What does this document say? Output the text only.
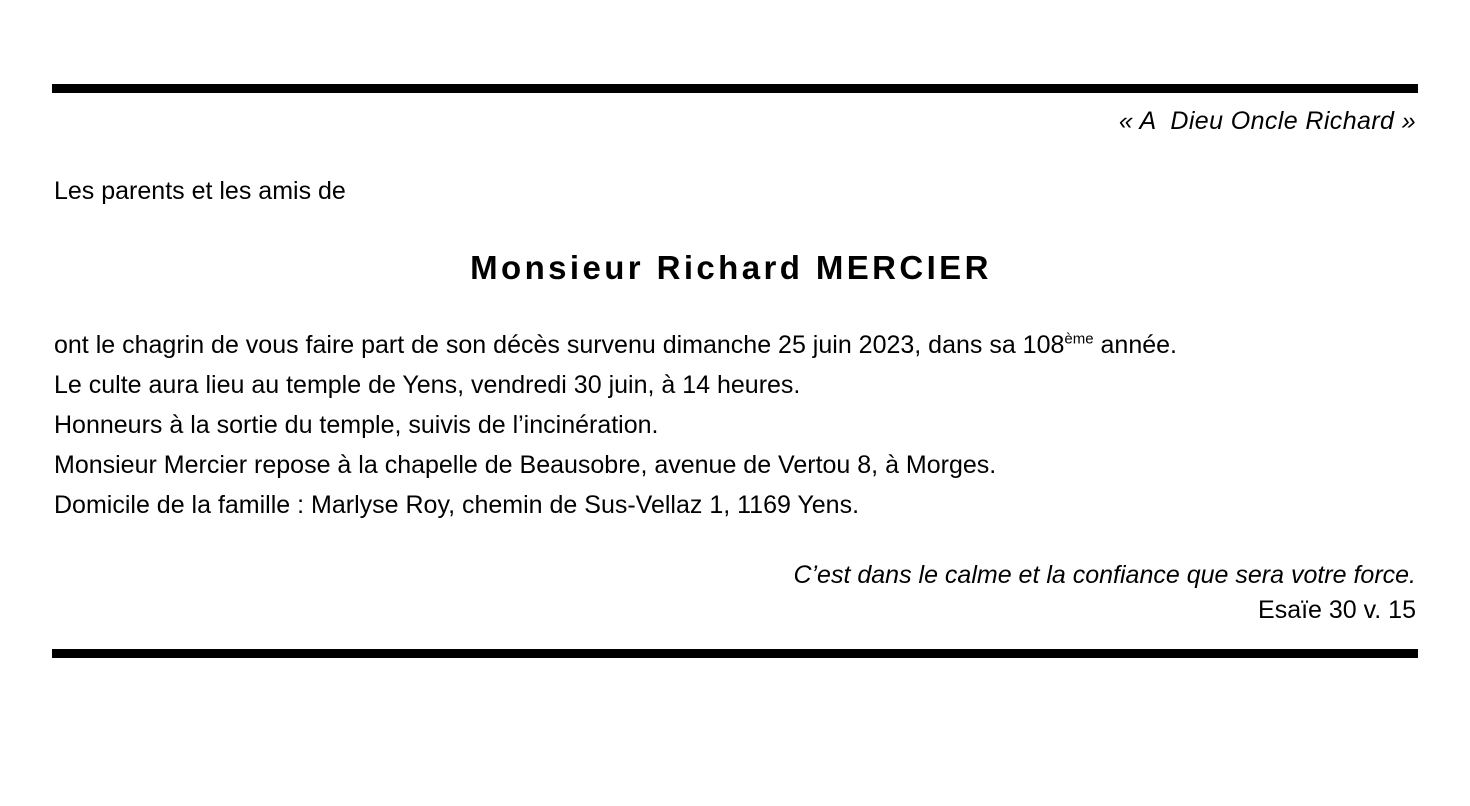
« A  Dieu Oncle Richard »
Les parents et les amis de
Monsieur Richard MERCIER
ont le chagrin de vous faire part de son décès survenu dimanche 25 juin 2023, dans sa 108ème année.
Le culte aura lieu au temple de Yens, vendredi 30 juin, à 14 heures.
Honneurs à la sortie du temple, suivis de l’incinération.
Monsieur Mercier repose à la chapelle de Beausobre, avenue de Vertou 8, à Morges.
Domicile de la famille : Marlyse Roy, chemin de Sus-Vellaz 1, 1169 Yens.
C’est dans le calme et la confiance que sera votre force.
Esaïe 30 v. 15
